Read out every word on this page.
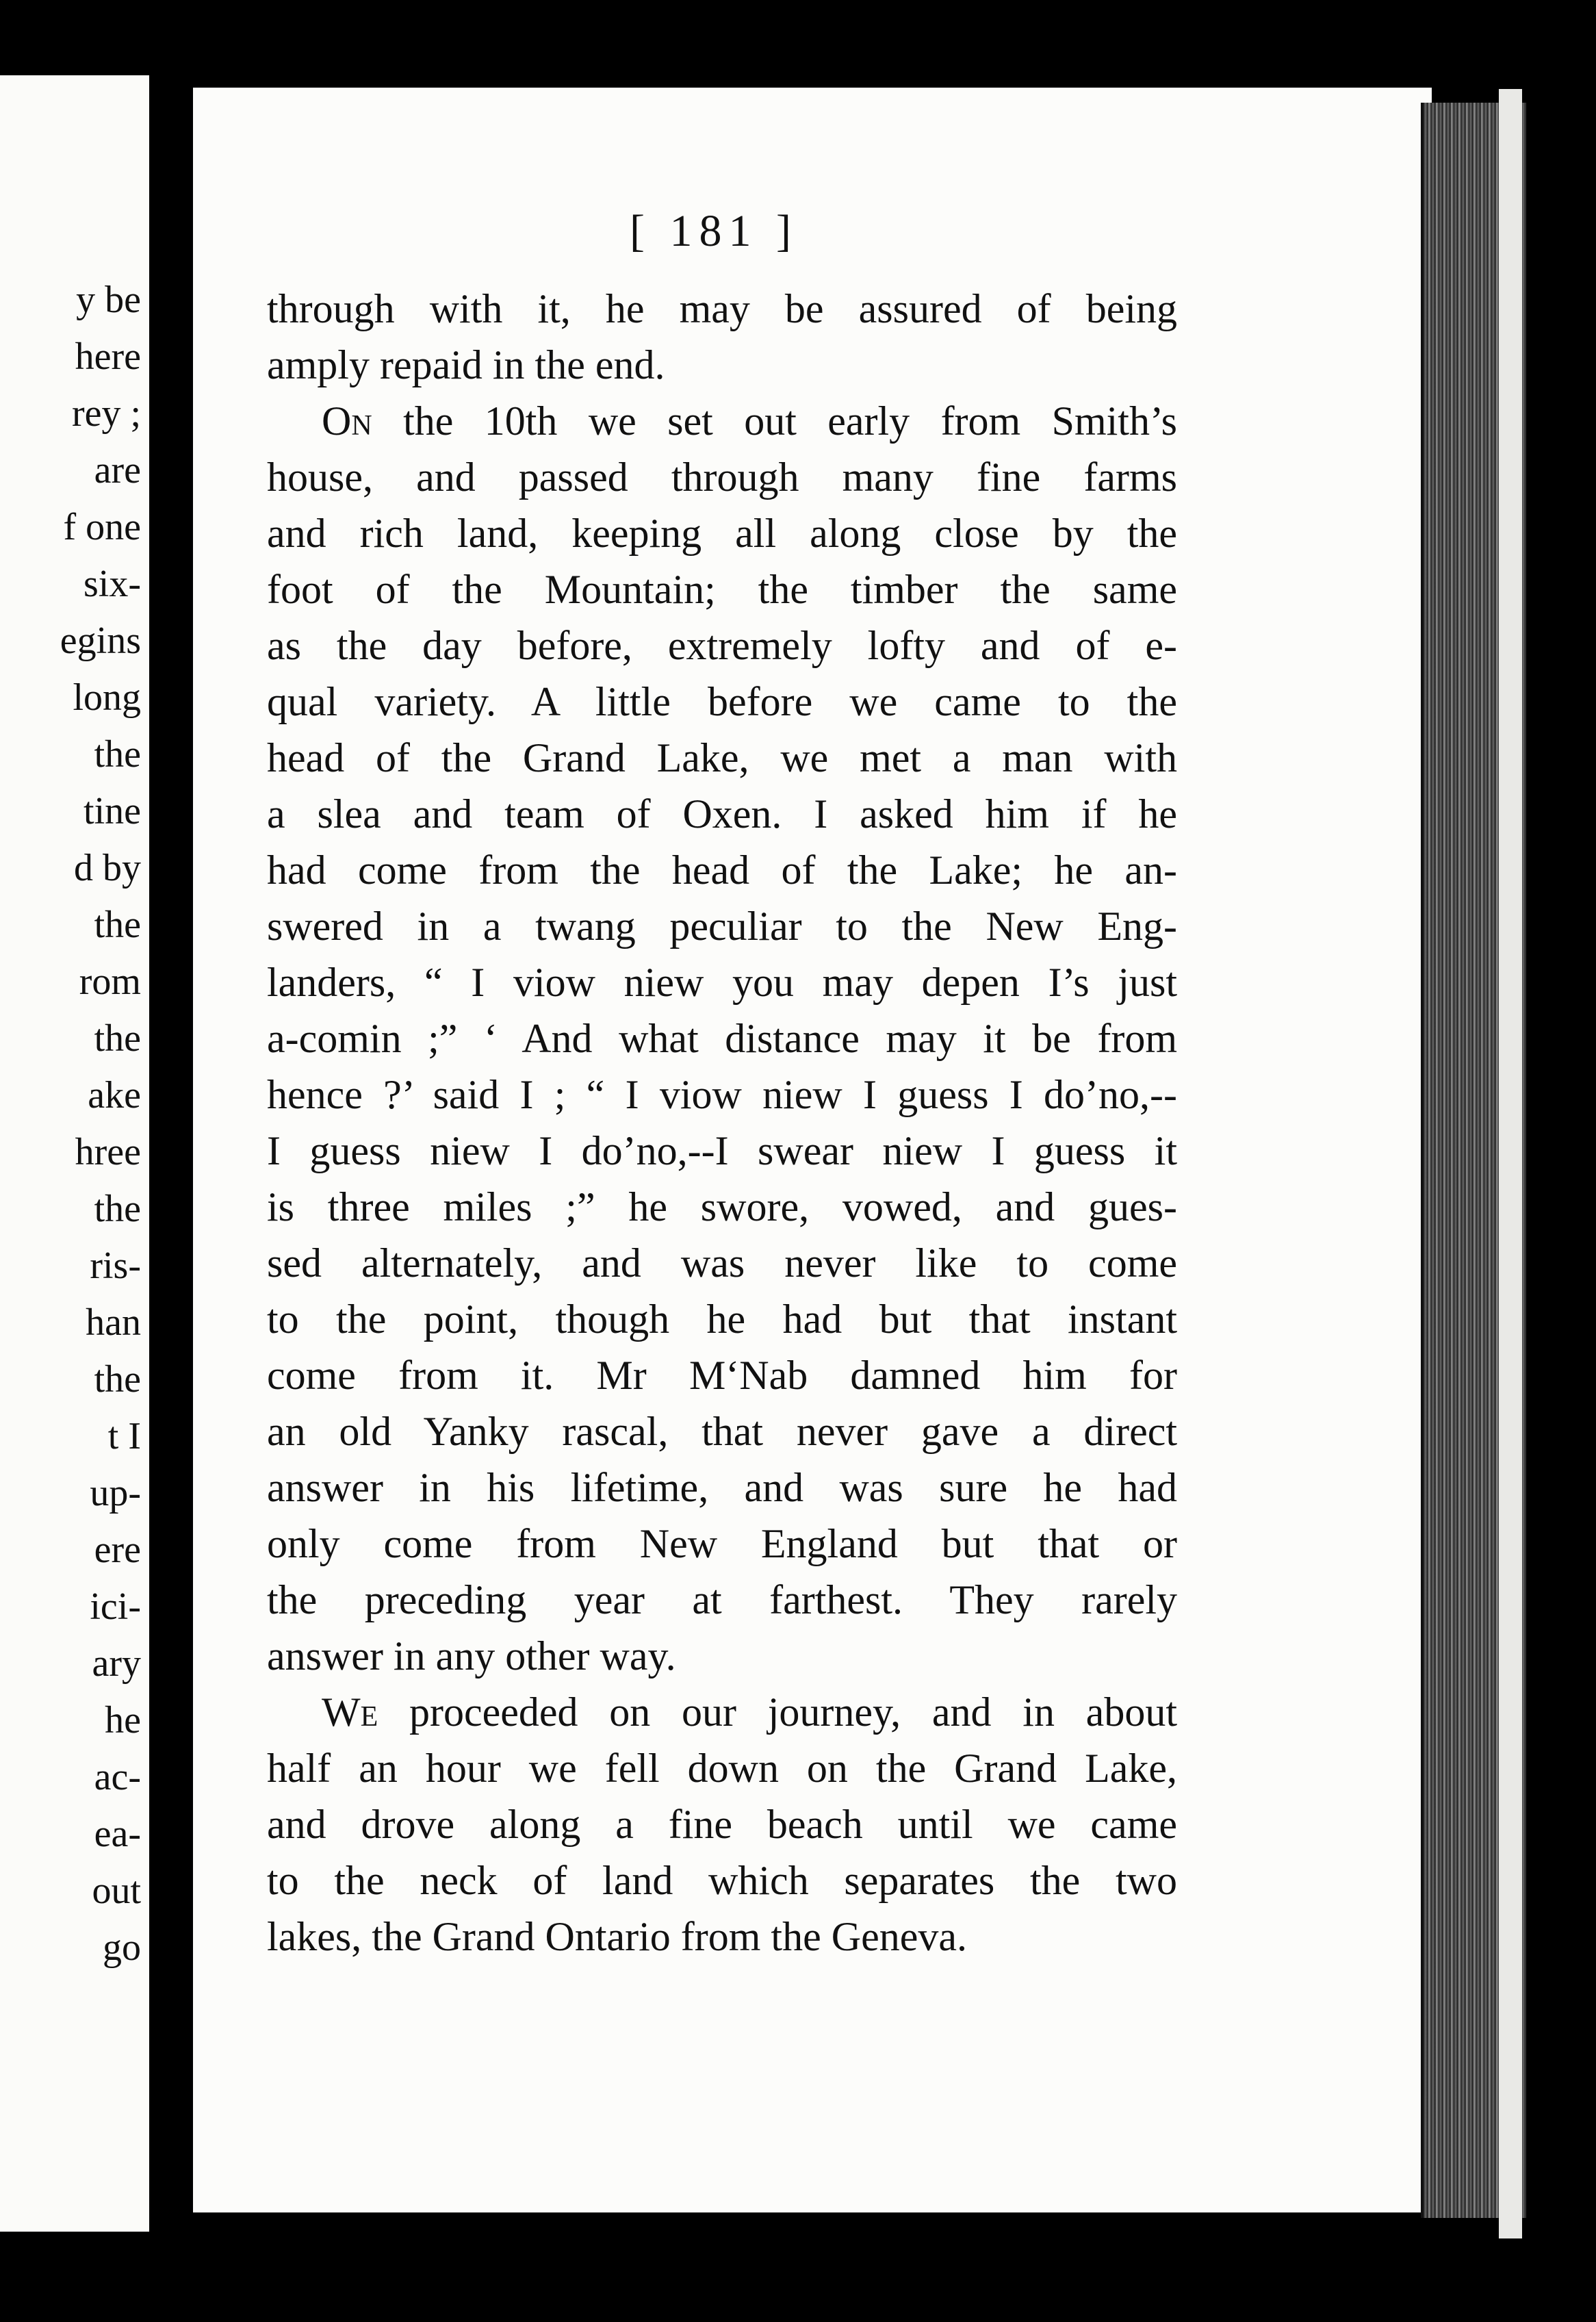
y be
here
rey ;
are
f one
six-
egins
long
the
tine
d by
the
rom
the
ake
hree
the
ris-
han
the
t I
up-
ere
ici-
ary
he
ac-
ea-
out
go
[ 181 ]
through with it, he may be assured of being
amply repaid in the end.
On the 10th we set out early from Smith’s
house, and passed through many fine farms
and rich land, keeping all along close by the
foot of the Mountain; the timber the same
as the day before, extremely lofty and of e-
qual variety. A little before we came to the
head of the Grand Lake, we met a man with
a slea and team of Oxen. I asked him if he
had come from the head of the Lake; he an-
swered in a twang peculiar to the New Eng-
landers, “ I viow niew you may depen I’s just
a-comin ;” ‘ And what distance may it be from
hence ?’ said I ; “ I viow niew I guess I do’no,--
I guess niew I do’no,--I swear niew I guess it
is three miles ;” he swore, vowed, and gues-
sed alternately, and was never like to come
to the point, though he had but that instant
come from it. Mr M‘Nab damned him for
an old Yanky rascal, that never gave a direct
answer in his lifetime, and was sure he had
only come from New England but that or
the preceding year at farthest. They rarely
answer in any other way.
We proceeded on our journey, and in about
half an hour we fell down on the Grand Lake,
and drove along a fine beach until we came
to the neck of land which separates the two
lakes, the Grand Ontario from the Geneva.
